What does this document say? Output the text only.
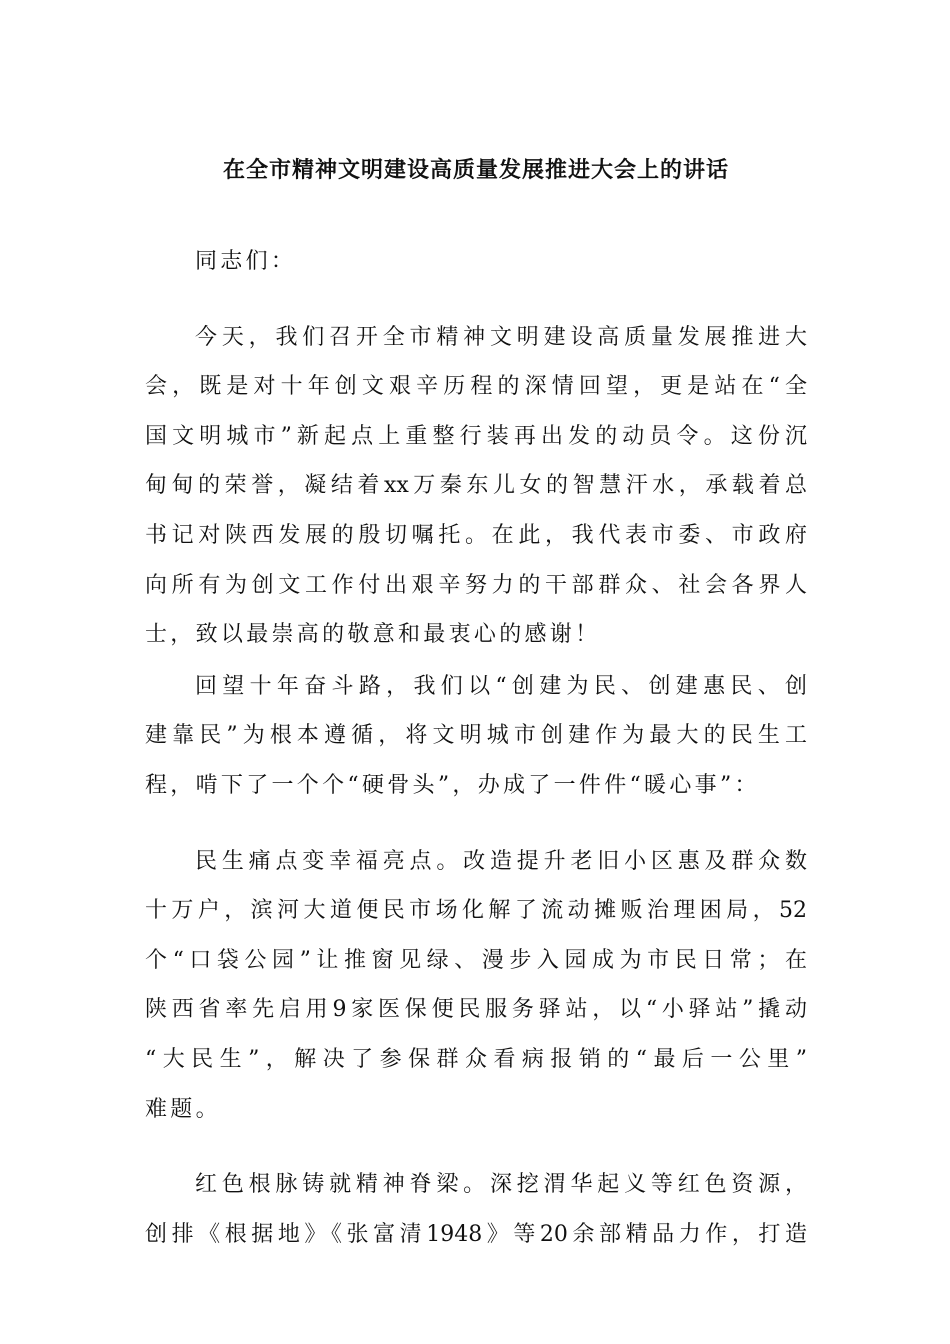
在全市精神文明建设高质量发展推进大会上的讲话
同志们：
今天，我们召开全市精神文明建设高质量发展推进大
会，既是对十年创文艰辛历程的深情回望，更是站在“全
国文明城市”新起点上重整行装再出发的动员令。这份沉
甸甸的荣誉，凝结着xx万秦东儿女的智慧汗水，承载着总
书记对陕西发展的殷切嘱托。在此，我代表市委、市政府
向所有为创文工作付出艰辛努力的干部群众、社会各界人
士，致以最崇高的敬意和最衷心的感谢！
回望十年奋斗路，我们以“创建为民、创建惠民、创
建靠民”为根本遵循，将文明城市创建作为最大的民生工
程，啃下了一个个“硬骨头”，办成了一件件“暖心事”：
民生痛点变幸福亮点。改造提升老旧小区惠及群众数
十万户，滨河大道便民市场化解了流动摊贩治理困局，52
个“口袋公园”让推窗见绿、漫步入园成为市民日常；在
陕西省率先启用9家医保便民服务驿站，以“小驿站”撬动
“大民生”，解决了参保群众看病报销的“最后一公里”
难题。
红色根脉铸就精神脊梁。深挖渭华起义等红色资源，
创排《根据地》《张富清1948》等20余部精品力作，打造
